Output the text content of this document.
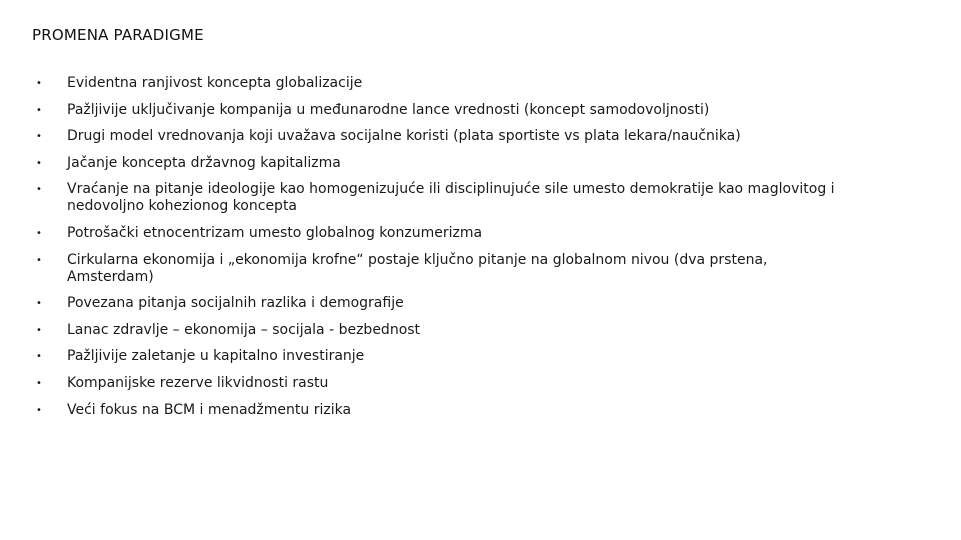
PROMENA PARADIGME
•	Evidentna ranjivost koncepta globalizacije
•	Pažljivije uključivanje kompanija u međunarodne lance vrednosti (koncept samodovoljnosti)
•	Drugi model vrednovanja koji uvažava socijalne koristi (plata sportiste vs plata lekara/naučnika)
•	Jačanje koncepta državnog kapitalizma
•	Vraćanje na pitanje ideologije kao homogenizujuće ili disciplinujuće sile umesto demokratije kao maglovitog i nedovoljno kohezionog koncepta
•	Potrošački etnocentrizam umesto globalnog konzumerizma
•	Cirkularna ekonomija i „ekonomija krofne“ postaje ključno pitanje na globalnom nivou (dva prstena, Amsterdam)
•	Povezana pitanja socijalnih razlika i demografije
•	Lanac zdravlje – ekonomija – socijala - bezbednost
•	Pažljivije zaletanje u kapitalno investiranje
•	Kompanijske rezerve likvidnosti rastu
•	Veći fokus na BCM i menadžmentu rizika
